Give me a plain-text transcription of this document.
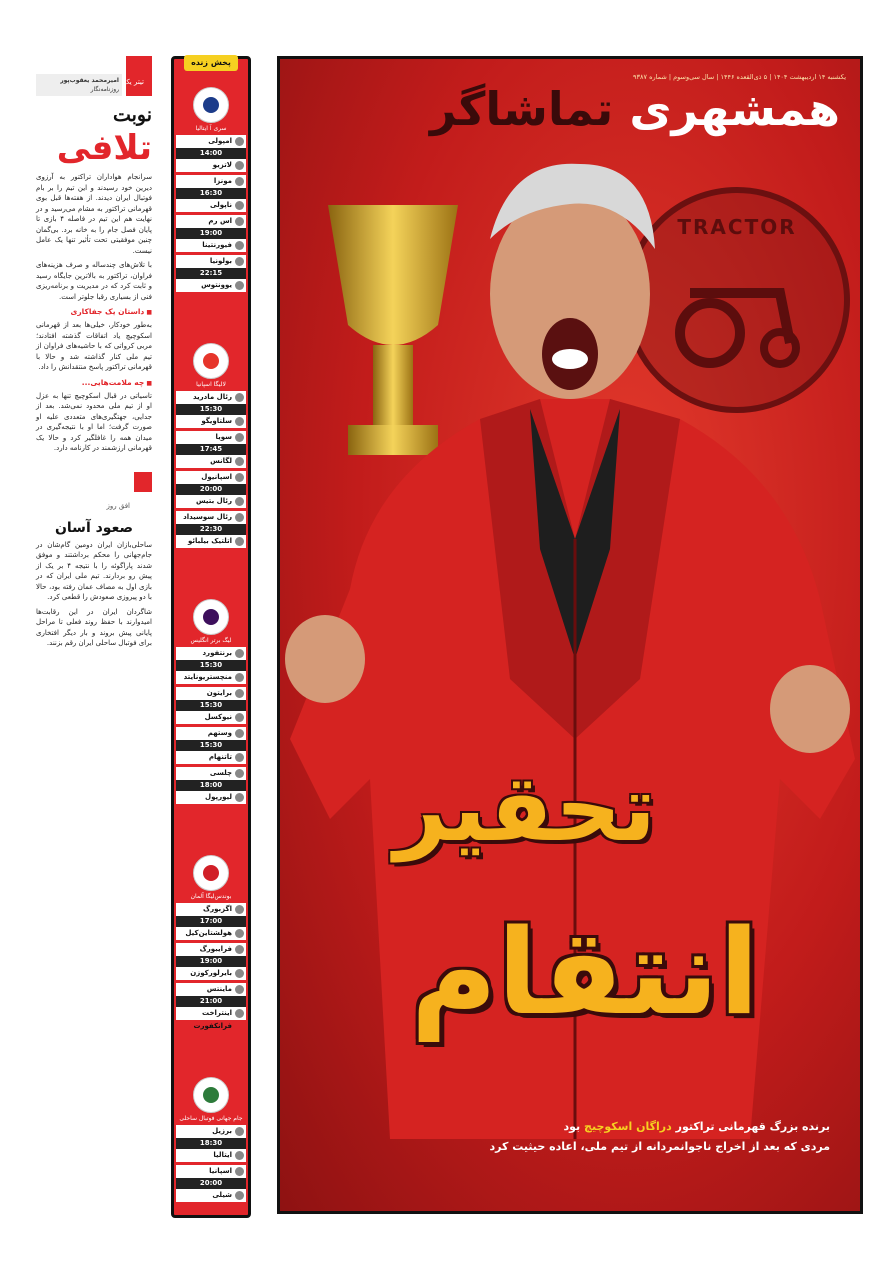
تیتر یک
امیرمحمد یعقوب‌پور
روزنامه‌نگار
نوبت
تلافی
سرانجام هواداران تراکتور به آرزوی دیرین خود رسیدند و این تیم را بر بام فوتبال ایران دیدند. از هفته‌ها قبل بوی قهرمانی تراکتور به مشام می‌رسید و در نهایت هم این تیم در فاصله ۴ بازی تا پایان فصل جام را به خانه برد. بی‌گمان چنین موفقیتی تحت تأثیر تنها یک عامل نیست.
با تلاش‌های چندساله و صرف هزینه‌های فراوان، تراکتور به بالاترین جایگاه رسید و ثابت کرد که در مدیریت و برنامه‌ریزی فنی از بسیاری رقبا جلوتر است.
■ داستان یک جفاکاری
به‌طور خودکار، خیلی‌ها بعد از قهرمانی اسکوچیچ یاد اتفاقات گذشته افتادند؛ مربی کرواتی که با حاشیه‌های فراوان از تیم ملی کنار گذاشته شد و حالا با قهرمانی تراکتور پاسخ منتقدانش را داد.
■ چه ملامت‌هایی...
تاسیاتی در قبال اسکوچیچ تنها به عزل او از تیم ملی محدود نمی‌شد. بعد از جدایی، جهتگیری‌های متعددی علیه او صورت گرفت؛ اما او با نتیجه‌گیری در میدان همه را غافلگیر کرد و حالا یک قهرمانی ارزشمند در کارنامه دارد.
افق روز
صعود آسان
ساحلی‌بازان ایران دومین گام‌شان در جام‌جهانی را محکم برداشتند و موفق شدند پاراگوئه را با نتیجه ۴ بر یک از پیش رو بردارند. تیم ملی ایران که در بازی اول به مصاف عمان رفته بود، حالا با دو پیروزی صعودش را قطعی کرد.
شاگردان ایران در این رقابت‌ها امیدوارند با حفظ روند فعلی تا مراحل پایانی پیش بروند و بار دیگر افتخاری برای فوتبال ساحلی ایران رقم بزنند.
پخش زنده
سری آ ایتالیا
امپولی
14:00
لاتزیو
مونزا
16:30
ناپولی
اس رم
19:00
فیورنتینا
بولونیا
22:15
یوونتوس
لالیگا اسپانیا
رئال مادرید
15:30
سلتاویگو
سویا
17:45
لگانس
اسپانیول
20:00
رئال بتیس
رئال سوسیداد
22:30
اتلتیک بیلبائو
لیگ برتر انگلیس
برنتفورد
15:30
منچستریونایتد
برایتون
15:30
نیوکسل
وستهم
15:30
تاتنهام
چلسی
18:00
لیورپول
بوندس‌لیگا آلمان
اگزبورگ
17:00
هولشتاین‌کیل
فرایبورگ
19:00
بایرلورکوزن
ماینتس
21:00
اینتراخت فرانکفورت
جام جهانی فوتبال ساحلی
برزیل
18:30
ایتالیا
اسپانیا
20:00
شیلی
یکشنبه ۱۴ اردیبهشت ۱۴۰۴ | ۵ ذی‌القعده ۱۴۴۶ | سال سی‌وسوم | شماره ۹۳۸۷
همشهری تماشاگر
TRACTOR
تحقیر
انتقام
برنده بزرگ قهرمانی تراکتور دراگان اسکوچیچ بود
مردی که بعد از اخراج ناجوانمردانه از تیم ملی، اعاده حیثیت کرد
